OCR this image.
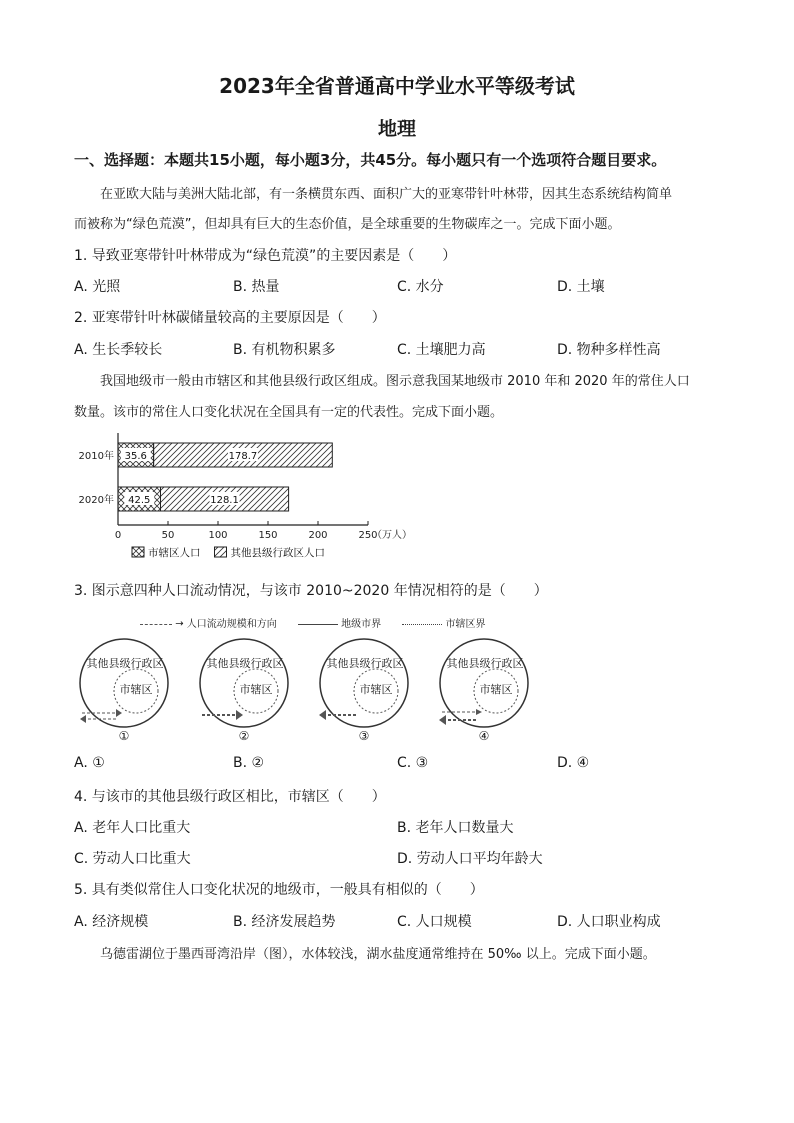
2023年全省普通高中学业水平等级考试
地理
一、选择题：本题共15小题，每小题3分，共45分。每小题只有一个选项符合题目要求。
在亚欧大陆与美洲大陆北部，有一条横贯东西、面积广大的亚寒带针叶林带，因其生态系统结构简单
而被称为“绿色荒漠”，但却具有巨大的生态价值，是全球重要的生物碳库之一。完成下面小题。
1. 导致亚寒带针叶林带成为“绿色荒漠”的主要因素是（　　）
A. 光照	B. 热量	C. 水分	D. 土壤
2. 亚寒带针叶林碳储量较高的主要原因是（　　）
A. 生长季较长	B. 有机物积累多	C. 土壤肥力高	D. 物种多样性高
我国地级市一般由市辖区和其他县级行政区组成。图示意我国某地级市 2010 年和 2020 年的常住人口
数量。该市的常住人口变化状况在全国具有一定的代表性。完成下面小题。
0	50	100	150	200	250
（万人）
2010年 35.6	178.7
2020年 42.5	128.1
市辖区人口	其他县级行政区人口
3. 图示意四种人口流动情况，与该市 2010~2020 年情况相符的是（　　）
→ 人口流动规模和方向	地级市界	市辖区界
其他县级行政区
市辖区
①
其他县级行政区
市辖区
②
其他县级行政区
市辖区
③
其他县级行政区
市辖区
④
A. ①	B. ②	C. ③	D. ④
4. 与该市的其他县级行政区相比，市辖区（　　）
A. 老年人口比重大	B. 老年人口数量大
C. 劳动人口比重大	D. 劳动人口平均年龄大
5. 具有类似常住人口变化状况的地级市，一般具有相似的（　　）
A. 经济规模	B. 经济发展趋势	C. 人口规模	D. 人口职业构成
乌德雷湖位于墨西哥湾沿岸（图），水体较浅，湖水盐度通常维持在 50‰ 以上。完成下面小题。
